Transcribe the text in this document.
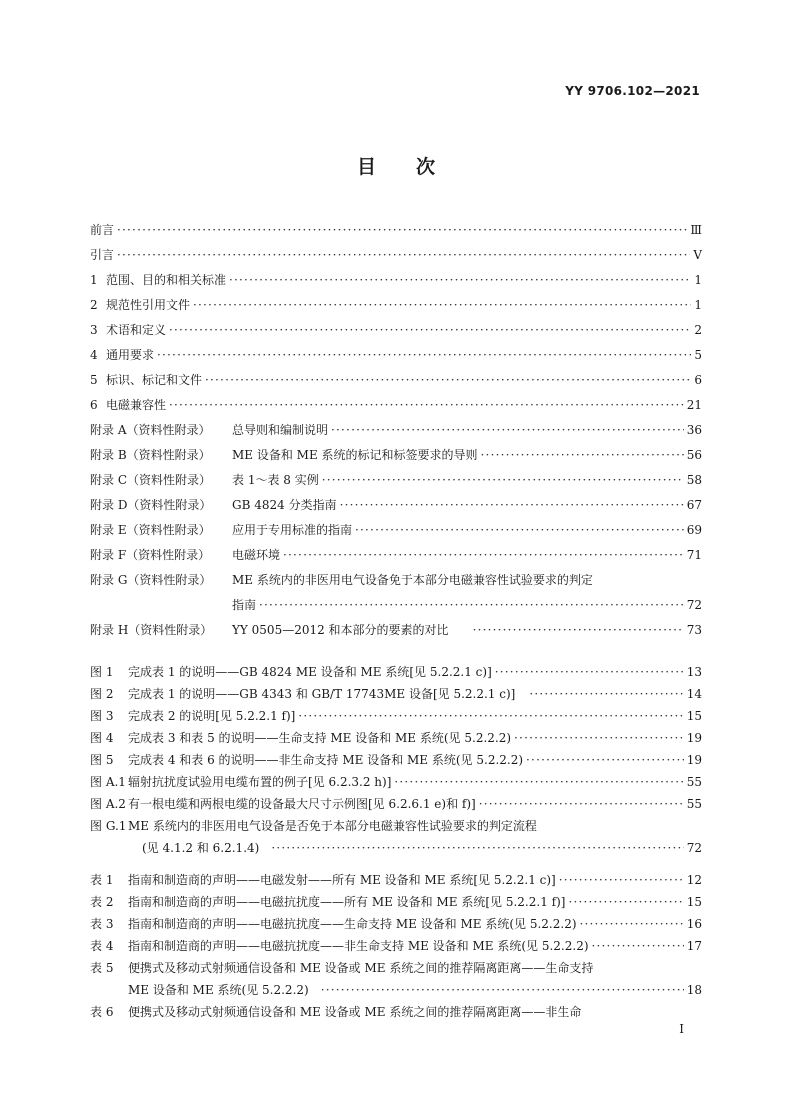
YY 9706.102—2021
目 次
前言 ·····	Ⅲ
引言 ·····	Ⅴ
1 范围、目的和相关标准 ·····	1
2 规范性引用文件 ·····	1
3 术语和定义 ·····	2
4 通用要求 ·····	5
5 标识、标记和文件 ·····	6
6 电磁兼容性 ·····	21
附录 A（资料性附录） 总导则和编制说明 ·····	36
附录 B（资料性附录） ME 设备和 ME 系统的标记和标签要求的导则 ·····	56
附录 C（资料性附录） 表 1～表 8 实例 ·····	58
附录 D（资料性附录） GB 4824 分类指南 ·····	67
附录 E（资料性附录） 应用于专用标准的指南 ·····	69
附录 F（资料性附录） 电磁环境 ·····	71
附录 G（资料性附录） ME 系统内的非医用电气设备免于本部分电磁兼容性试验要求的判定
指南 ·····	72
附录 H（资料性附录） YY 0505—2012 和本部分的要素的对比 ·····	73
图 1 完成表 1 的说明——GB 4824 ME 设备和 ME 系统[见 5.2.2.1 c)] ·····	13
图 2 完成表 1 的说明——GB 4343 和 GB/T 17743ME 设备[见 5.2.2.1 c)] ·····	14
图 3 完成表 2 的说明[见 5.2.2.1 f)] ·····	15
图 4 完成表 3 和表 5 的说明——生命支持 ME 设备和 ME 系统(见 5.2.2.2) ·····	19
图 5 完成表 4 和表 6 的说明——非生命支持 ME 设备和 ME 系统(见 5.2.2.2) ·····	19
图 A.1 辐射抗扰度试验用电缆布置的例子[见 6.2.3.2 h)] ·····	55
图 A.2 有一根电缆和两根电缆的设备最大尺寸示例图[见 6.2.6.1 e)和 f)] ·····	55
图 G.1 ME 系统内的非医用电气设备是否免于本部分电磁兼容性试验要求的判定流程
(见 4.1.2 和 6.2.1.4) ·····	72
表 1 指南和制造商的声明——电磁发射——所有 ME 设备和 ME 系统[见 5.2.2.1 c)] ·····	12
表 2 指南和制造商的声明——电磁抗扰度——所有 ME 设备和 ME 系统[见 5.2.2.1 f)] ·····	15
表 3 指南和制造商的声明——电磁抗扰度——生命支持 ME 设备和 ME 系统(见 5.2.2.2) ·····	16
表 4 指南和制造商的声明——电磁抗扰度——非生命支持 ME 设备和 ME 系统(见 5.2.2.2) ·····	17
表 5 便携式及移动式射频通信设备和 ME 设备或 ME 系统之间的推荐隔离距离——生命支持
ME 设备和 ME 系统(见 5.2.2.2) ·····	18
表 6 便携式及移动式射频通信设备和 ME 设备或 ME 系统之间的推荐隔离距离——非生命
Ⅰ
